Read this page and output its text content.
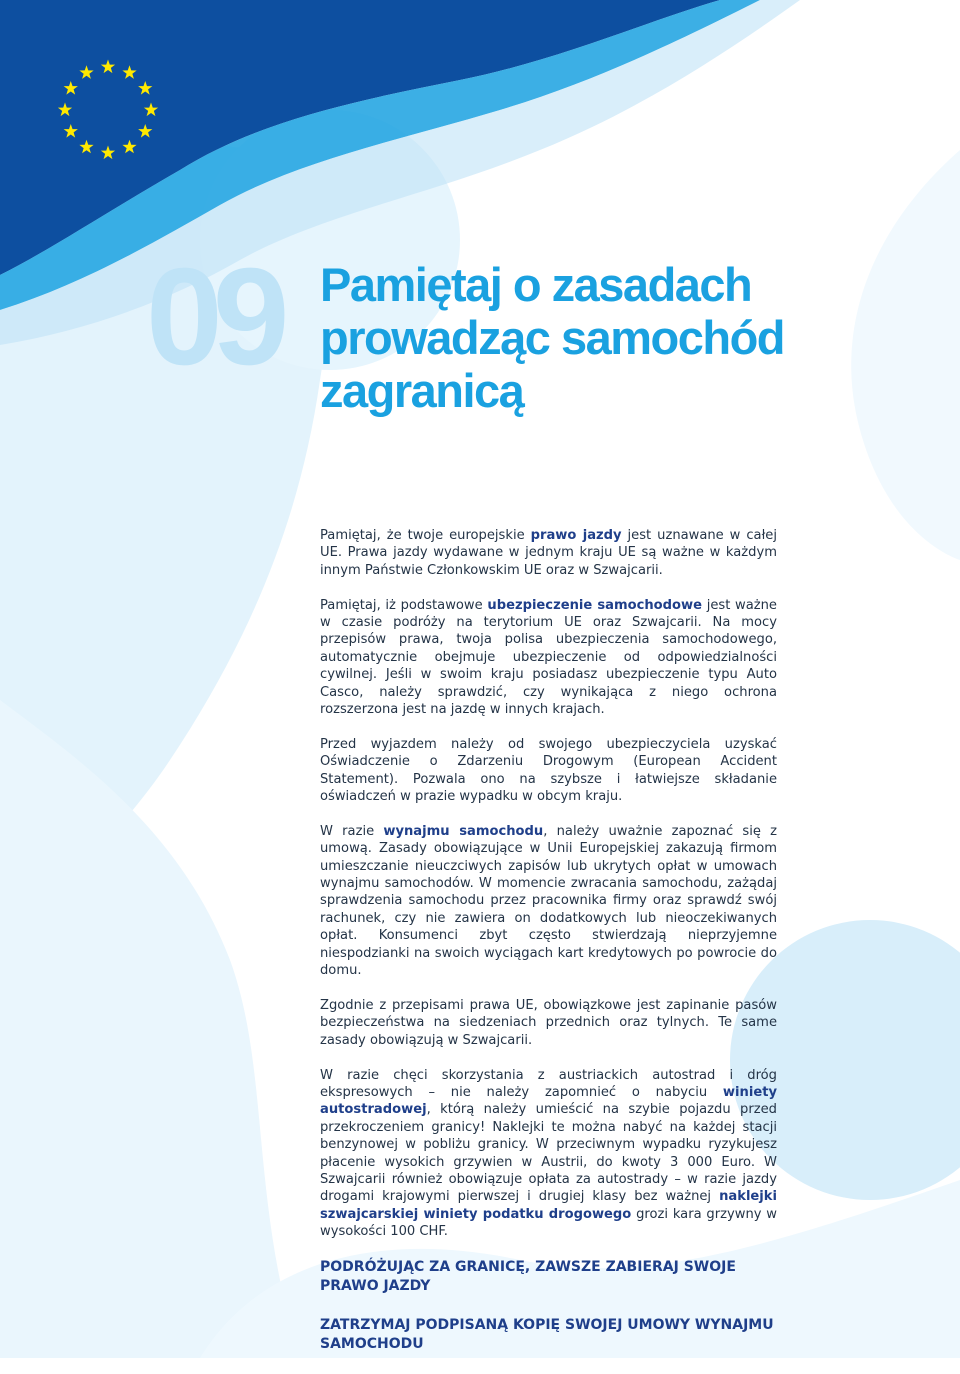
09 Pamiętaj o zasadach prowadząc samochód zagranicą

Pamiętaj, że twoje europejskie prawo jazdy jest uznawane w całej UE. Prawa jazdy wydawane w jednym kraju UE są ważne w każdym innym Państwie Członkowskim UE oraz w Szwajcarii.

Pamiętaj, iż podstawowe ubezpieczenie samochodowe jest ważne w czasie podróży na terytorium UE oraz Szwajcarii. Na mocy przepisów prawa, twoja polisa ubezpieczenia samochodowego, automatycznie obejmuje ubezpieczenie od odpowiedzialności cywilnej. Jeśli w swoim kraju posiadasz ubezpieczenie typu Auto Casco, należy sprawdzić, czy wynikająca z niego ochrona rozszerzona jest na jazdę w innych krajach.

Przed wyjazdem należy od swojego ubezpieczyciela uzyskać Oświadczenie o Zdarzeniu Drogowym (European Accident Statement). Pozwala ono na szybsze i łatwiejsze składanie oświadczeń w prazie wypadku w obcym kraju.

W razie wynajmu samochodu, należy uważnie zapoznać się z umową. Zasady obowiązujące w Unii Europejskiej zakazują firmom umieszczanie nieuczciwych zapisów lub ukrytych opłat w umowach wynajmu samochodów. W momencie zwracania samochodu, zażądaj sprawdzenia samochodu przez pracownika firmy oraz sprawdź swój rachunek, czy nie zawiera on dodatkowych lub nieoczekiwanych opłat. Konsumenci zbyt często stwierdzają nieprzyjemne niespodzianki na swoich wyciągach kart kredytowych po powrocie do domu.

Zgodnie z przepisami prawa UE, obowiązkowe jest zapinanie pasów bezpieczeństwa na siedzeniach przednich oraz tylnych. Te same zasady obowiązują w Szwajcarii.

W razie chęci skorzystania z austriackich autostrad i dróg ekspresowych – nie należy zapomnieć o nabyciu winiety autostradowej, którą należy umieścić na szybie pojazdu przed przekroczeniem granicy! Naklejki te można nabyć na każdej stacji benzynowej w pobliżu granicy. W przeciwnym wypadku ryzykujesz płacenie wysokich grzywien w Austrii, do kwoty 3 000 Euro. W Szwajcarii również obowiązuje opłata za autostrady – w razie jazdy drogami krajowymi pierwszej i drugiej klasy bez ważnej naklejki szwajcarskiej winiety podatku drogowego grozi kara grzywny w wysokości 100 CHF.

PODRÓŻUJĄC ZA GRANICĘ, ZAWSZE ZABIERAJ SWOJE PRAWO JAZDY

ZATRZYMAJ PODPISANĄ KOPIĘ SWOJEJ UMOWY WYNAJMU SAMOCHODU
